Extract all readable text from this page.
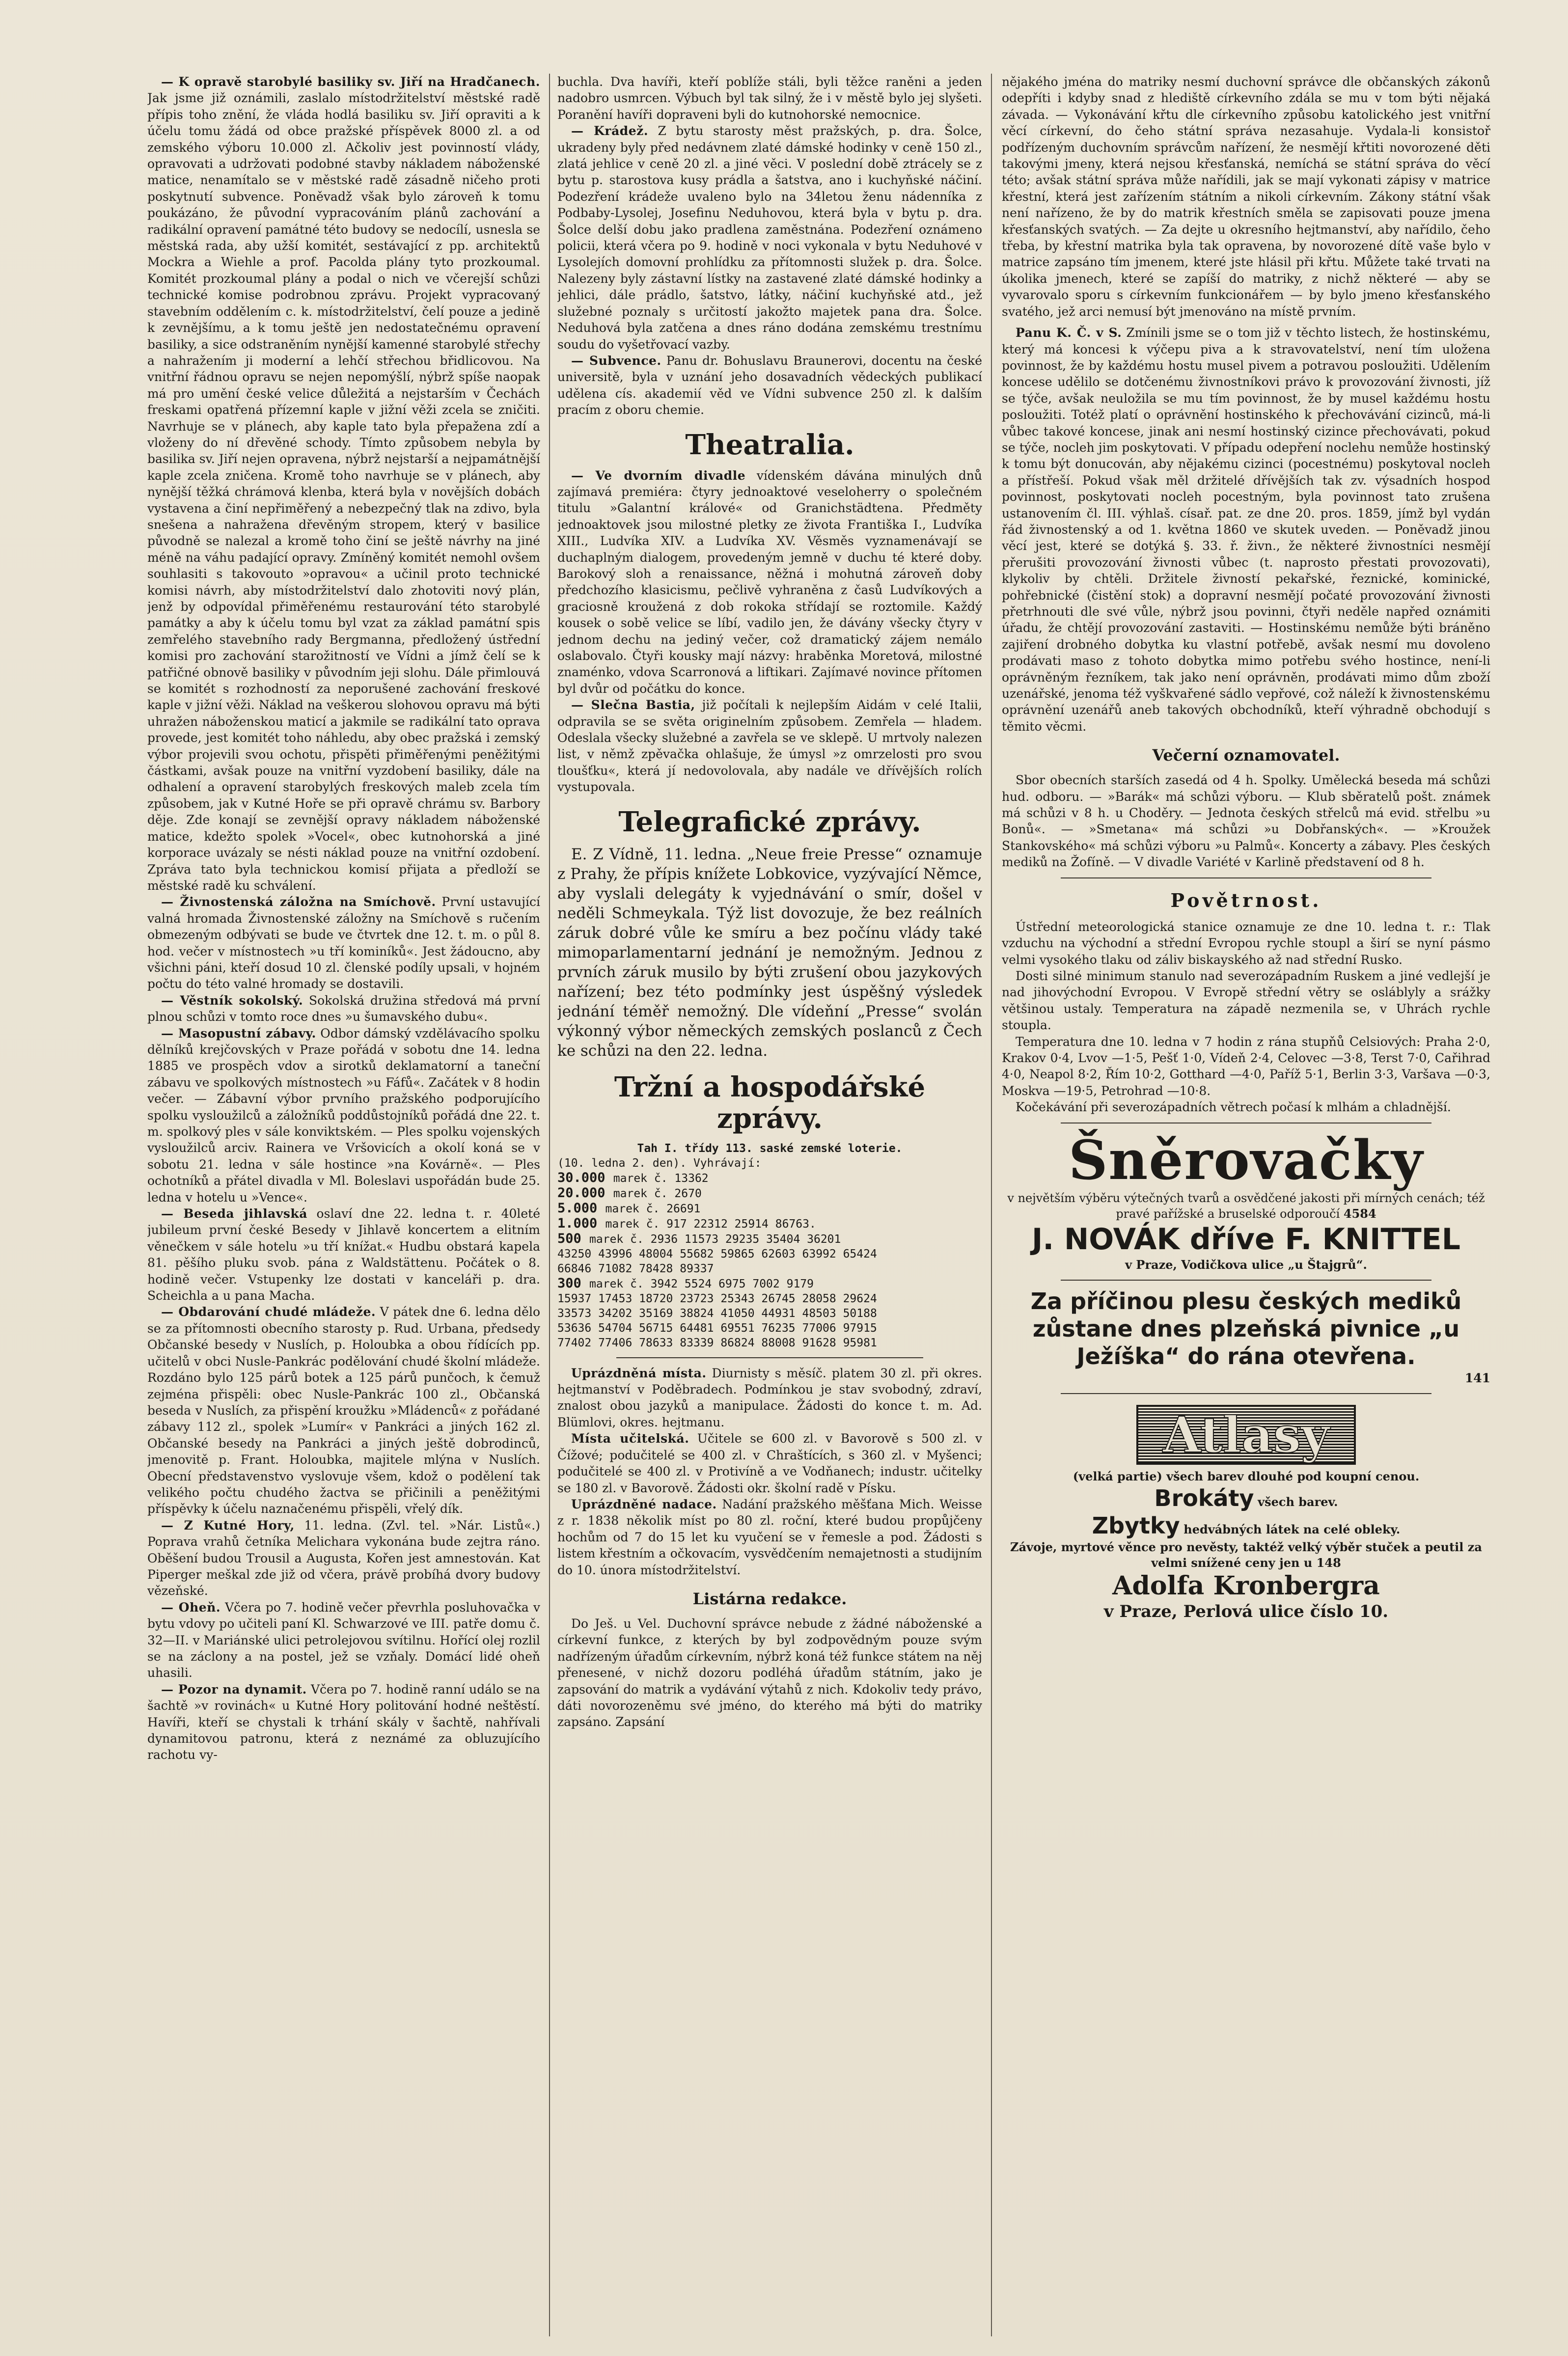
— K opravě starobylé basiliky sv. Jiří na Hradčanech. Jak jsme již oznámili, zaslalo místodržitelství městské radě přípis toho znění, že vláda hodlá basiliku sv. Jiří opraviti a k účelu tomu žádá od obce pražské příspěvek 8000 zl. a od zemského výboru 10.000 zl. Ačkoliv jest povinností vlády, opravovati a udržovati podobné stavby nákladem náboženské matice, nenamítalo se v městské radě zásadně ničeho proti poskytnutí subvence. Poněvadž však bylo zároveň k tomu poukázáno, že původní vypracováním plánů zachování a radikální opravení památné této budovy se nedocílí, usnesla se městská rada, aby užší komitét, sestávající z pp. architektů Mockra a Wiehle a prof. Pacolda plány tyto prozkoumal. Komitét prozkoumal plány a podal o nich ve včerejší schůzi technické komise podrobnou zprávu. Projekt vypracovaný stavebním oddělením c. k. místodržitelství, čelí pouze a jedině k zevnějšímu, a k tomu ještě jen nedostatečnému opravení basiliky, a sice odstraněním nynější kamenné starobylé střechy a nahražením ji moderní a lehčí střechou břidlicovou. Na vnitřní řádnou opravu se nejen nepomýšlí, nýbrž spíše naopak má pro umění české velice důležitá a nejstarším v Čechách freskami opatřená přízemní kaple v jižní věži zcela se zničiti. Navrhuje se v plánech, aby kaple tato byla přepažena zdí a vloženy do ní dřevěné schody. Tímto způsobem nebyla by basilika sv. Jiří nejen opravena, nýbrž nejstarší a nejpamátnější kaple zcela zničena. Kromě toho navrhuje se v plánech, aby nynější těžká chrámová klenba, která byla v novějších dobách vystavena a činí nepřiměřený a nebezpečný tlak na zdivo, byla snešena a nahražena dřevěným stropem, který v basilice původně se nalezal a kromě toho činí se ještě návrhy na jiné méně na váhu padající opravy. Zmíněný komitét nemohl ovšem souhlasiti s takovouto »opravou« a učinil proto technické komisi návrh, aby místodržitelství dalo zhotoviti nový plán, jenž by odpovídal přiměřenému restaurování této starobylé památky a aby k účelu tomu byl vzat za základ památní spis zemřelého stavebního rady Bergmanna, předložený ústřední komisi pro zachování starožitností ve Vídni a jímž čelí se k patřičné obnově basiliky v původním jeji slohu. Dále přimlouvá se komitét s rozhodností za neporušené zachování freskové kaple v jižní věži. Náklad na veškerou slohovou opravu má býti uhražen náboženskou maticí a jakmile se radikální tato oprava provede, jest komitét toho náhledu, aby obec pražská i zemský výbor projevili svou ochotu, přispěti přiměřenými peněžitými částkami, avšak pouze na vnitřní vyzdobení basiliky, dále na odhalení a opravení starobylých freskových maleb zcela tím způsobem, jak v Kutné Hoře se při opravě chrámu sv. Barbory děje. Zde konají se zevnější opravy nákladem náboženské matice, kdežto spolek »Vocel«, obec kutnohorská a jiné korporace uvázaly se nésti náklad pouze na vnitřní ozdobení. Zpráva tato byla technickou komisí přijata a předloží se městské radě ku schválení.

— Živnostenská záložna na Smíchově. První ustavující valná hromada Živnostenské záložny na Smíchově s ručením obmezeným odbývati se bude ve čtvrtek dne 12. t. m. o půl 8. hod. večer v místnostech »u tří kominíků«. Jest žádoucno, aby všichni páni, kteří dosud 10 zl. členské podíly upsali, v hojném počtu do této valné hromady se dostavili.

— Věstník sokolský. Sokolská družina středová má první plnou schůzi v tomto roce dnes »u šumavského dubu«.

— Masopustní zábavy. Odbor dámský vzdělávacího spolku dělníků krejčovských v Praze pořádá v sobotu dne 14. ledna 1885 ve prospěch vdov a sirotků deklamatorní a taneční zábavu ve spolkových místnostech »u Fáfů«. Začátek v 8 hodin večer. — Zábavní výbor prvního pražského podporujícího spolku vysloužilců a záložníků poddůstojníků pořádá dne 22. t. m. spolkový ples v sále konviktském. — Ples spolku vojenských vysloužilců arciv. Rainera ve Vršovicích a okolí koná se v sobotu 21. ledna v sále hostince »na Kovárně«. — Ples ochotníků a přátel divadla v Ml. Boleslavi uspořádán bude 25. ledna v hotelu u »Vence«.

— Beseda jihlavská oslaví dne 22. ledna t. r. 40leté jubileum první české Besedy v Jihlavě koncertem a elitním věnečkem v sále hotelu »u tří knížat.« Hudbu obstará kapela 81. pěšího pluku svob. pána z Waldstättenu. Počátek o 8. hodině večer. Vstupenky lze dostati v kanceláři p. dra. Scheichla a u pana Macha.

— Obdarování chudé mládeže. V pátek dne 6. ledna dělo se za přítomnosti obecního starosty p. Rud. Urbana, předsedy Občanské besedy v Nuslích, p. Holoubka a obou řídících pp. učitelů v obci Nusle-Pankrác podělování chudé školní mládeže. Rozdáno bylo 125 párů botek a 125 párů punčoch, k čemuž zejména přispěli: obec Nusle-Pankrác 100 zl., Občanská beseda v Nuslích, za přispění kroužku »Mládenců« z pořádané zábavy 112 zl., spolek »Lumír« v Pankráci a jiných 162 zl. Občanské besedy na Pankráci a jiných ještě dobrodinců, jmenovitě p. Frant. Holoubka, majitele mlýna v Nuslích. Obecní představenstvo vyslovuje všem, kdož o podělení tak velikého počtu chudého žactva se přičinili a peněžitými příspěvky k účelu naznačenému přispěli, vřelý dík.

— Z Kutné Hory, 11. ledna. (Zvl. tel. »Nár. Listů«.) Poprava vrahů četníka Melichara vykonána bude zejtra ráno. Oběšení budou Trousil a Augusta, Kořen jest amnestován. Kat Piperger meškal zde již od včera, právě probíhá dvory budovy vězeňské.

— Oheň. Včera po 7. hodině večer převrhla posluhovačka v bytu vdovy po učiteli paní Kl. Schwarzové ve III. patře domu č. 32—II. v Mariánské ulici petrolejovou svítilnu. Hořící olej rozlil se na záclony a na postel, jež se vzňaly. Domácí lidé oheň uhasili.

— Pozor na dynamit. Včera po 7. hodině ranní událo se na šachtě »v rovinách« u Kutné Hory politování hodné neštěstí. Havíři, kteří se chystali k trhání skály v šachtě, nahřívali dynamitovou patronu, která z neznámé za obluzujícího rachotu vy-

buchla. Dva havíři, kteří poblíže stáli, byli těžce raněni a jeden nadobro usmrcen. Výbuch byl tak silný, že i v městě bylo jej slyšeti. Poranění havíři dopraveni byli do kutnohorské nemocnice.

— Krádež. Z bytu starosty měst pražských, p. dra. Šolce, ukradeny byly před nedávnem zlaté dámské hodinky v ceně 150 zl., zlatá jehlice v ceně 20 zl. a jiné věci. V poslední době ztrácely se z bytu p. starostova kusy prádla a šatstva, ano i kuchyňské náčiní. Podezření krádeže uvaleno bylo na 34letou ženu nádenníka z Podbaby-Lysolej, Josefinu Neduhovou, která byla v bytu p. dra. Šolce delší dobu jako pradlena zaměstnána. Podezření oznámeno policii, která včera po 9. hodině v noci vykonala v bytu Neduhové v Lysolejích domovní prohlídku za přítomnosti služek p. dra. Šolce. Nalezeny byly zástavní lístky na zastavené zlaté dámské hodinky a jehlici, dále prádlo, šatstvo, látky, náčiní kuchyňské atd., jež služebné poznaly s určitostí jakožto majetek pana dra. Šolce. Neduhová byla zatčena a dnes ráno dodána zemskému trestnímu soudu do vyšetřovací vazby.

— Subvence. Panu dr. Bohuslavu Braunerovi, docentu na české universitě, byla v uznání jeho dosavadních vědeckých publikací udělena cís. akademií věd ve Vídni subvence 250 zl. k dalším pracím z oboru chemie.

Theatralia.

— Ve dvorním divadle vídenském dávána minulých dnů zajímavá premiéra: čtyry jednoaktové veseloherry o společném titulu »Galantní králové« od Granichstädtena. Předměty jednoaktovek jsou milostné pletky ze života Františka I., Ludvíka XIII., Ludvíka XIV. a Ludvíka XV. Věsměs vyznamenávají se duchaplným dialogem, provedeným jemně v duchu té které doby. Barokový sloh a renaissance, něžná i mohutná zároveň doby předchozího klasicismu, pečlivě vyhraněna z časů Ludvíkových a graciosně kroužená z dob rokoka střídají se roztomile. Každý kousek o sobě velice se líbí, vadilo jen, že dávány všecky čtyry v jednom dechu na jediný večer, což dramatický zájem nemálo oslabovalo. Čtyři kousky mají názvy: hraběnka Moretová, milostné znaménko, vdova Scarronová a liftikari. Zajímavé novince přítomen byl dvůr od počátku do konce.

— Slečna Bastia, již počítali k nejlepším Aidám v celé Italii, odpravila se se světa originelním způsobem. Zemřela — hladem. Odeslala všecky služebné a zavřela se ve sklepě. U mrtvoly nalezen list, v němž zpěvačka ohlašuje, že úmysl »z omrzelosti pro svou tloušťku«, která jí nedovolovala, aby nadále ve dřívějších rolích vystupovala.

Telegrafické zprávy.

E. Z Vídně, 11. ledna. „Neue freie Presse“ oznamuje z Prahy, že přípis knížete Lobkovice, vyzývající Němce, aby vyslali delegáty k vyjednávání o smír, došel v neděli Schmeykala. Týž list dovozuje, že bez reálních záruk dobré vůle ke smíru a bez počínu vlády také mimoparlamentarní jednání je nemožným. Jednou z prvních záruk musilo by býti zrušení obou jazykových nařízení; bez této podmínky jest úspěšný výsledek jednání téměř nemožný. Dle vídeňní „Presse“ svolán výkonný výbor německých zemských poslanců z Čech ke schůzi na den 22. ledna.

Tržní a hospodářské zprávy.
Tah I. třídy 113. saské zemské loterie.
(10. ledna 2. den). Vyhrávají:
30.000 marek č. 13362
20.000 marek č. 2670
5.000 marek č. 26691
1.000 marek č. 917 22312 25914 86763.
500 marek č. 2936 11573 29235 35404 36201
43250 43996 48004 55682 59865 62603 63992 65424
66846 71082 78428 89337
300 marek č. 3942 5524 6975 7002 9179
15937 17453 18720 23723 25343 26745 28058 29624
33573 34202 35169 38824 41050 44931 48503 50188
53636 54704 56715 64481 69551 76235 77006 97915
77402 77406 78633 83339 86824 88008 91628 95981

Uprázdněná místa. Diurnisty s měsíč. platem 30 zl. při okres. hejtmanství v Poděbradech. Podmínkou je stav svobodný, zdraví, znalost obou jazyků a manipulace. Žádosti do konce t. m. Ad. Blümlovi, okres. hejtmanu.

Místa učitelská. Učitele se 600 zl. v Bavorově s 500 zl. v Čížové; podučitelé se 400 zl. v Chraštících, s 360 zl. v Myšenci; podučitelé se 400 zl. v Protivíně a ve Vodňanech; industr. učitelky se 180 zl. v Bavorově. Žádosti okr. školní radě v Písku.

Uprázdněné nadace. Nadání pražského měšťana Mich. Weisse z r. 1838 několik míst po 80 zl. roční, které budou propůjčeny hochům od 7 do 15 let ku vyučení se v řemesle a pod. Žádosti s listem křestním a očkovacím, vysvědčením nemajetnosti a studijním do 10. února místodržitelství.

Listárna redakce.

Do Ješ. u Vel. Duchovní správce nebude z žádné náboženské a církevní funkce, z kterých by byl zodpovědným pouze svým nadřízeným úřadům církevním, nýbrž koná též funkce státem na něj přenesené, v nichž dozoru podléhá úřadům státním, jako je zapsování do matrik a vydávání výtahů z nich. Kdokoliv tedy právo, dáti novorozeněmu své jméno, do kterého má býti do matriky zapsáno. Zapsání

nějakého jména do matriky nesmí duchovní správce dle občanských zákonů odepříti i kdyby snad z hlediště církevního zdála se mu v tom býti nějaká závada. — Vykonávání křtu dle církevního způsobu katolického jest vnitřní věcí církevní, do čeho státní správa nezasahuje. Vydala-li konsistoř podřízeným duchovním správcům nařízení, že nesmějí křtiti novorozené děti takovými jmeny, která nejsou křesťanská, nemíchá se státní správa do věcí této; avšak státní správa může nařídili, jak se mají vykonati zápisy v matrice křestní, která jest zařízením státním a nikoli církevním. Zákony státní však není nařízeno, že by do matrik křestních směla se zapisovati pouze jmena křesťanských svatých. — Za dejte u okresního hejtmanství, aby nařídilo, čeho třeba, by křestní matrika byla tak opravena, by novorozené dítě vaše bylo v matrice zapsáno tím jmenem, které jste hlásil při křtu. Můžete také trvati na úkolika jmenech, které se zapíší do matriky, z nichž některé — aby se vyvarovalo sporu s církevním funkcionářem — by bylo jmeno křesťanského svatého, jež arci nemusí být jmenováno na místě prvním.

Panu K. Č. v S. Zmínili jsme se o tom již v těchto listech, že hostinskému, který má koncesi k výčepu piva a k stravovatelství, není tím uložena povinnost, že by každému hostu musel pivem a potravou posloužiti. Udělením koncese udělilo se dotčenému živnostníkovi právo k provozování živnosti, jíž se týče, avšak neuložila se mu tím povinnost, že by musel každému hostu posloužiti. Totéž platí o oprávnění hostinského k přechovávání cizinců, má-li vůbec takové koncese, jinak ani nesmí hostinský cizince přechovávati, pokud se týče, nocleh jim poskytovati. V případu odepření noclehu nemůže hostinský k tomu být donucován, aby nějakému cizinci (pocestnému) poskytoval nocleh a přístřeší. Pokud však měl držitelé dřívějších tak zv. výsadních hospod povinnost, poskytovati nocleh pocestným, byla povinnost tato zrušena ustanovením čl. III. výhlaš. císař. pat. ze dne 20. pros. 1859, jímž byl vydán řád živnostenský a od 1. května 1860 ve skutek uveden. — Poněvadž jinou věcí jest, které se dotýká §. 33. ř. živn., že některé živnostníci nesmějí přerušiti provozování živnosti vůbec (t. naprosto přestati provozovati), klykoliv by chtěli. Držitele živností pekařské, řeznické, kominické, pohřebnické (čistění stok) a dopravní nesmějí počaté provozování živnosti přetrhnouti dle své vůle, nýbrž jsou povinni, čtyři neděle napřed oznámiti úřadu, že chtějí provozování zastaviti. — Hostinskému nemůže býti bráněno zajiření drobného dobytka ku vlastní potřebě, avšak nesmí mu dovoleno prodávati maso z tohoto dobytka mimo potřebu svého hostince, není-li oprávněným řezníkem, tak jako není oprávněn, prodávati mimo dům zboží uzenářské, jenoma též vyškvařené sádlo vepřové, což náleží k živnostenskému oprávnění uzenářů aneb takových obchodníků, kteří výhradně obchodují s těmito věcmi.

Večerní oznamovatel.

Sbor obecních starších zasedá od 4 h. Spolky. Umělecká beseda má schůzi hud. odboru. — »Barák« má schůzi výboru. — Klub sběratelů pošt. známek má schůzi v 8 h. u Choděry. — Jednota českých střelců má evid. střelbu »u Bonů«. — »Smetana« má schůzi »u Dobřanských«. — »Kroužek Stankovského« má schůzi výboru »u Palmů«. Koncerty a zábavy. Ples českých mediků na Žofíně. — V divadle Variété v Karlině představení od 8 h.

Povětrnost.

Ústřední meteorologická stanice oznamuje ze dne 10. ledna t. r.: Tlak vzduchu na východní a střední Evropou rychle stoupl a širí se nyní pásmo velmi vysokého tlaku od záliv biskayského až nad střední Rusko.

Dosti silné minimum stanulo nad severozápadním Ruskem a jiné vedlejší je nad jihovýchodní Evropou. V Evropě střední větry se osláblyly a srážky většinou ustaly. Temperatura na západě nezmenila se, v Uhrách rychle stoupla.

Temperatura dne 10. ledna v 7 hodin z rána stupňů Celsiových: Praha 2·0, Krakov 0·4, Lvov —1·5, Pešť 1·0, Vídeň 2·4, Celovec —3·8, Terst 7·0, Cařihrad 4·0, Neapol 8·2, Řím 10·2, Gotthard —4·0, Paříž 5·1, Berlin 3·3, Varšava —0·3, Moskva —19·5, Petrohrad —10·8.

Kočekávání při severozápadních větrech počasí k mlhám a chladnější.

Šněrovačky
v největším výběru výtečných tvarů a osvědčené jakosti při mírných cenách; též pravé pařížské a bruselské odporoučí 4584
J. NOVÁK dříve F. KNITTEL
v Praze, Vodičkova ulice „u Štajgrů“.
Za příčinou plesu českých mediků zůstane dnes plzeňská pivnice „u Ježíška“ do rána otevřena.
141
Atlasy
(velká partie) všech barev dlouhé pod koupní cenou.
Brokáty všech barev.
Zbytky hedvábných látek na celé obleky.
Závoje, myrtové věnce pro nevěsty, taktéž velký výběr stuček a peutil za velmi snížené ceny jen u 148
Adolfa Kronbergra
v Praze, Perlová ulice číslo 10.
